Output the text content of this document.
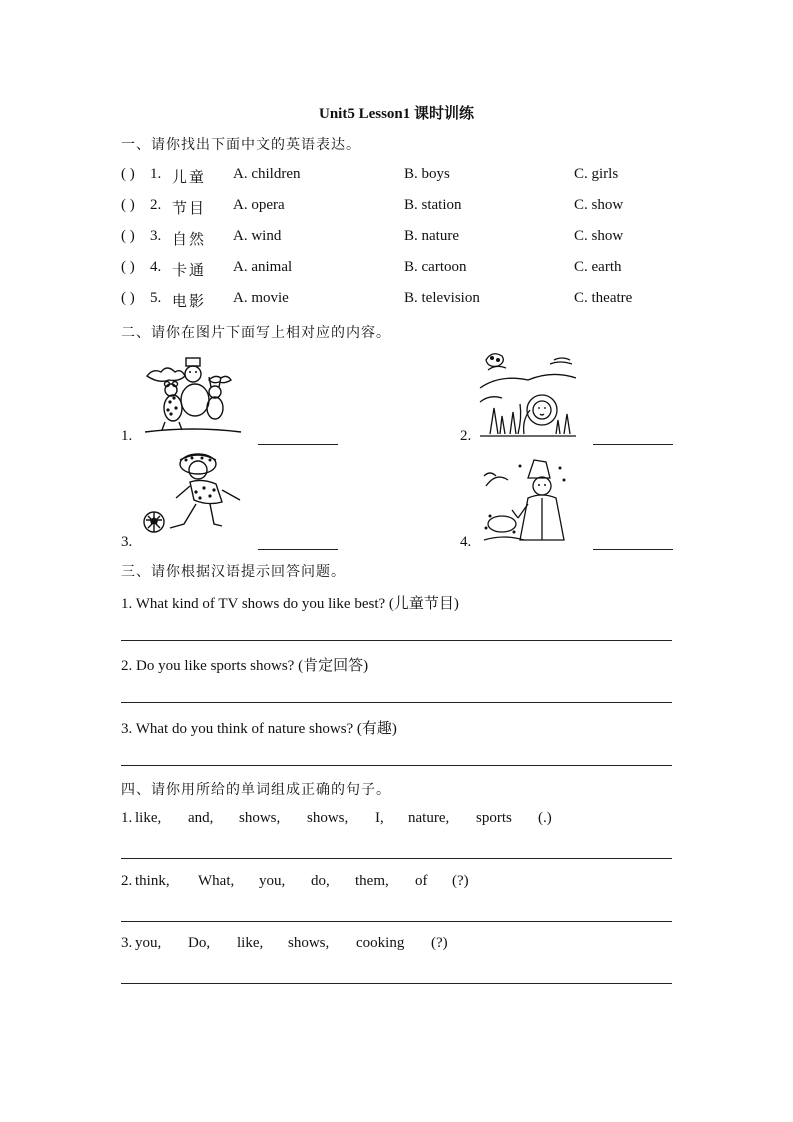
Unit5 Lesson1 课时训练
一、请你找出下面中文的英语表达。
( ) 1. 儿童 A. children	B. boys	C. girls
( ) 2. 节目 A. opera	B. station	C. show
( ) 3. 自然 A. wind	B. nature	C. show
( ) 4. 卡通 A. animal	B. cartoon	C. earth
( ) 5. 电影 A. movie	B. television	C. theatre
二、请你在图片下面写上相对应的内容。
1.	2.
3.	4.
三、请你根据汉语提示回答问题。
1. What kind of TV shows do you like best? (儿童节目)
2. Do you like sports shows? (肯定回答)
3. What do you think of nature shows? (有趣)
四、请你用所给的单词组成正确的句子。
1. like, and, shows, shows, I, nature, sports (.)
2. think, What, you, do, them, of (?)
3. you, Do, like, shows, cooking (?)
